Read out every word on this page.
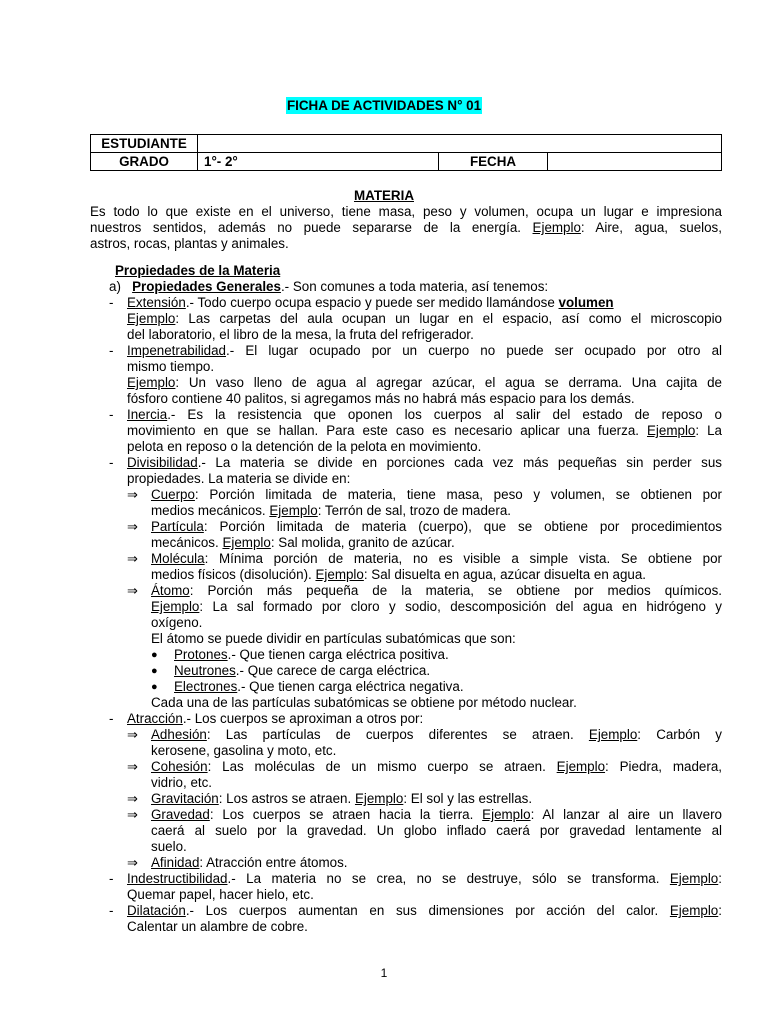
FICHA DE ACTIVIDADES N° 01
ESTUDIANTE			
GRADO	1°- 2°	FECHA	
MATERIA
Es todo lo que existe en el universo, tiene masa, peso y volumen, ocupa un lugar e impresiona
nuestros sentidos, además no puede separarse de la energía. Ejemplo: Aire, agua, suelos,
astros, rocas, plantas y animales.
Propiedades de la Materia
a) Propiedades Generales.- Son comunes a toda materia, así tenemos:
- Extensión.- Todo cuerpo ocupa espacio y puede ser medido llamándose volumen
Ejemplo: Las carpetas del aula ocupan un lugar en el espacio, así como el microscopio
del laboratorio, el libro de la mesa, la fruta del refrigerador.
- Impenetrabilidad.- El lugar ocupado por un cuerpo no puede ser ocupado por otro al
mismo tiempo.
Ejemplo: Un vaso lleno de agua al agregar azúcar, el agua se derrama. Una cajita de
fósforo contiene 40 palitos, si agregamos más no habrá más espacio para los demás.
- Inercia.- Es la resistencia que oponen los cuerpos al salir del estado de reposo o
movimiento en que se hallan. Para este caso es necesario aplicar una fuerza. Ejemplo: La
pelota en reposo o la detención de la pelota en movimiento.
- Divisibilidad.- La materia se divide en porciones cada vez más pequeñas sin perder sus
propiedades. La materia se divide en:
⇒ Cuerpo: Porción limitada de materia, tiene masa, peso y volumen, se obtienen por
medios mecánicos. Ejemplo: Terrón de sal, trozo de madera.
⇒ Partícula: Porción limitada de materia (cuerpo), que se obtiene por procedimientos
mecánicos. Ejemplo: Sal molida, granito de azúcar.
⇒ Molécula: Mínima porción de materia, no es visible a simple vista. Se obtiene por
medios físicos (disolución). Ejemplo: Sal disuelta en agua, azúcar disuelta en agua.
⇒ Átomo: Porción más pequeña de la materia, se obtiene por medios químicos.
Ejemplo: La sal formado por cloro y sodio, descomposición del agua en hidrógeno y
oxígeno.
El átomo se puede dividir en partículas subatómicas que son:
● Protones.- Que tienen carga eléctrica positiva.
● Neutrones.- Que carece de carga eléctrica.
● Electrones.- Que tienen carga eléctrica negativa.
Cada una de las partículas subatómicas se obtiene por método nuclear.
- Atracción.- Los cuerpos se aproximan a otros por:
⇒ Adhesión: Las partículas de cuerpos diferentes se atraen. Ejemplo: Carbón y
kerosene, gasolina y moto, etc.
⇒ Cohesión: Las moléculas de un mismo cuerpo se atraen. Ejemplo: Piedra, madera,
vidrio, etc.
⇒ Gravitación: Los astros se atraen. Ejemplo: El sol y las estrellas.
⇒ Gravedad: Los cuerpos se atraen hacia la tierra. Ejemplo: Al lanzar al aire un llavero
caerá al suelo por la gravedad. Un globo inflado caerá por gravedad lentamente al
suelo.
⇒ Afinidad: Atracción entre átomos.
- Indestructibilidad.- La materia no se crea, no se destruye, sólo se transforma. Ejemplo:
Quemar papel, hacer hielo, etc.
- Dilatación.- Los cuerpos aumentan en sus dimensiones por acción del calor. Ejemplo:
Calentar un alambre de cobre.
1
